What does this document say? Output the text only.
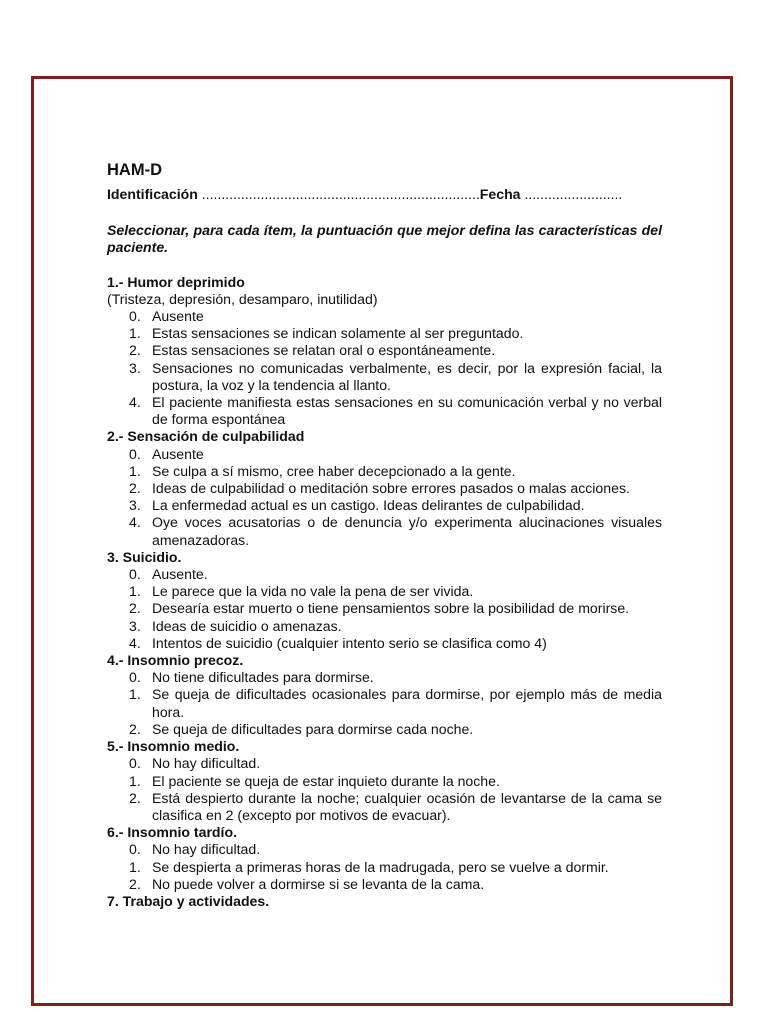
HAM-D
Identificación .......................................................................Fecha .........................
Seleccionar, para cada ítem, la puntuación que mejor defina las características del paciente.
1.- Humor deprimido
(Tristeza, depresión, desamparo, inutilidad)
0. Ausente
1. Estas sensaciones se indican solamente al ser preguntado.
2. Estas sensaciones se relatan oral o espontáneamente.
3. Sensaciones no comunicadas verbalmente, es decir, por la expresión facial, la postura, la voz y la tendencia al llanto.
4. El paciente manifiesta estas sensaciones en su comunicación verbal y no verbal de forma espontánea
2.- Sensación de culpabilidad
0. Ausente
1. Se culpa a sí mismo, cree haber decepcionado a la gente.
2. Ideas de culpabilidad o meditación sobre errores pasados o malas acciones.
3. La enfermedad actual es un castigo. Ideas delirantes de culpabilidad.
4. Oye voces acusatorias o de denuncia y/o experimenta alucinaciones visuales amenazadoras.
3. Suicidio.
0. Ausente.
1. Le parece que la vida no vale la pena de ser vivida.
2. Desearía estar muerto o tiene pensamientos sobre la posibilidad de morirse.
3. Ideas de suicidio o amenazas.
4. Intentos de suicidio (cualquier intento serio se clasifica como 4)
4.- Insomnio precoz.
0. No tiene dificultades para dormirse.
1. Se queja de dificultades ocasionales para dormirse, por ejemplo más de media hora.
2. Se queja de dificultades para dormirse cada noche.
5.- Insomnio medio.
0. No hay dificultad.
1. El paciente se queja de estar inquieto durante la noche.
2. Está despierto durante la noche; cualquier ocasión de levantarse de la cama se clasifica en 2 (excepto por motivos de evacuar).
6.- Insomnio tardío.
0. No hay dificultad.
1. Se despierta a primeras horas de la madrugada, pero se vuelve a dormir.
2. No puede volver a dormirse si se levanta de la cama.
7. Trabajo y actividades.
